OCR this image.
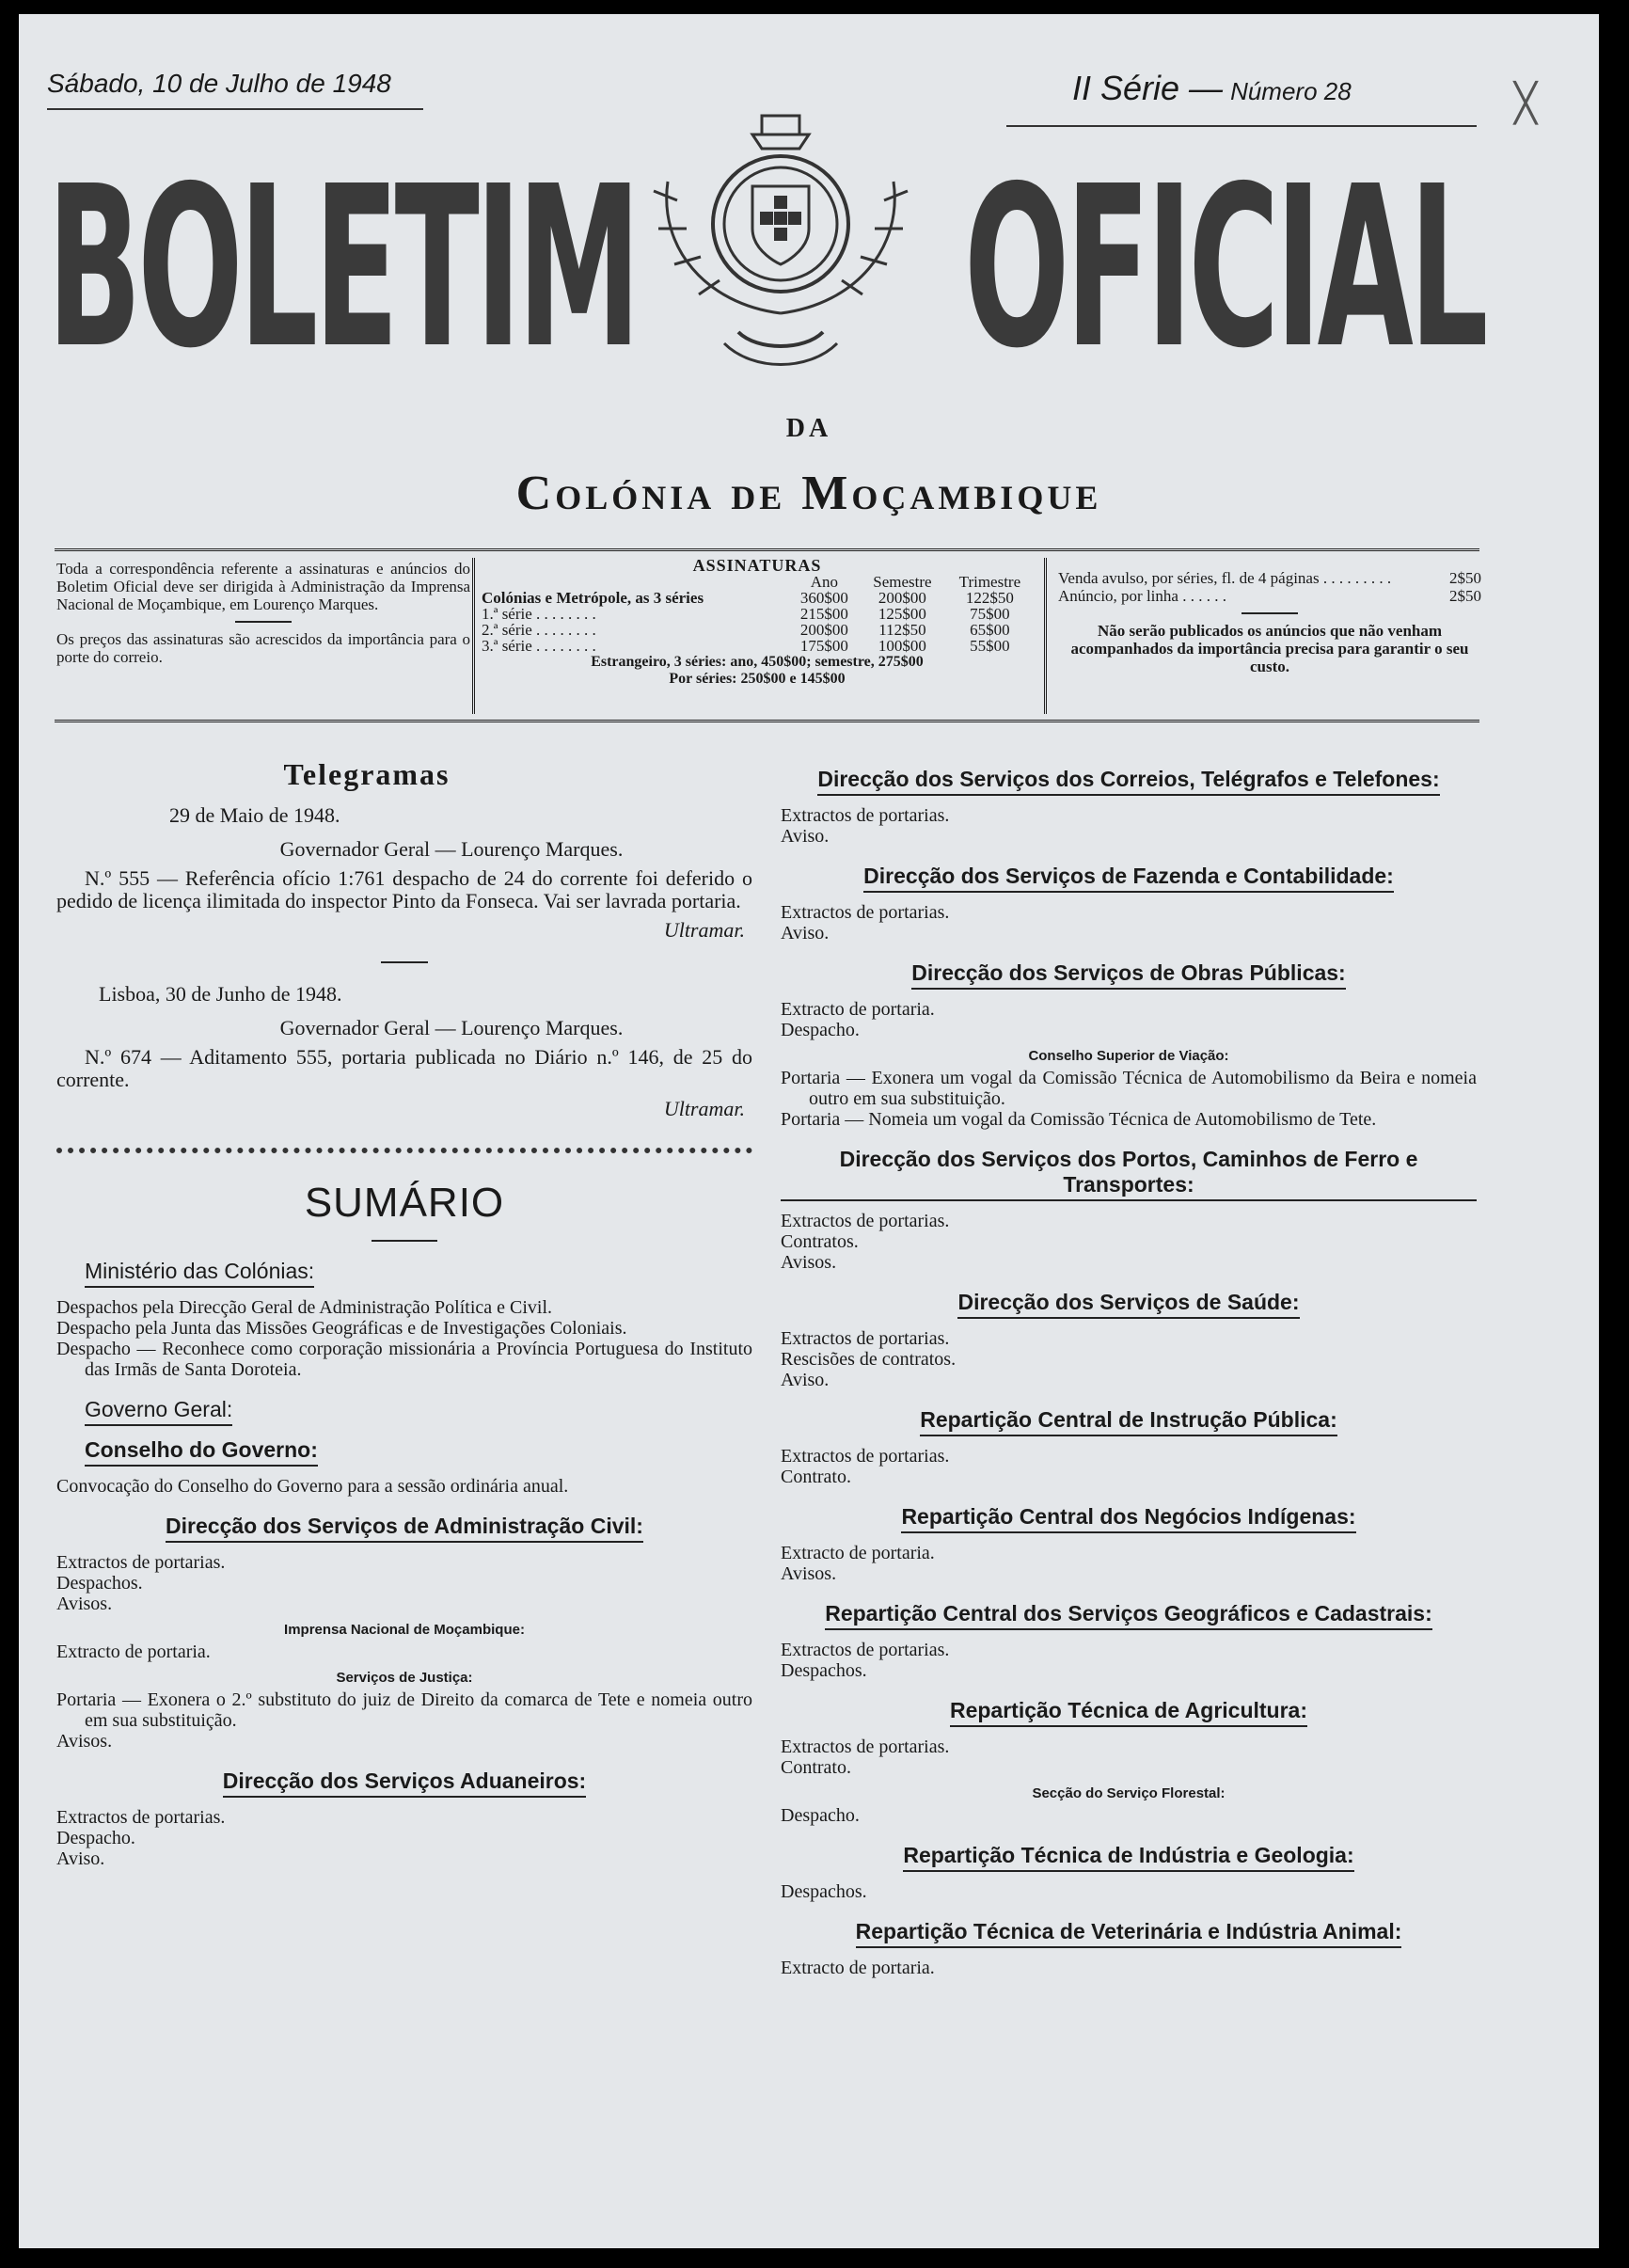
Sábado, 10 de Julho de 1948	II Série — Número 28	╳
BOLETIM OFICIAL
DA
Colónia de Moçambique

Toda a correspondência referente a assinaturas e anúncios do Boletim Oficial deve ser dirigida à Administração da Imprensa Nacional de Moçambique, em Lourenço Marques.

Os preços das assinaturas são acrescidos da importância para o porte do correio.

ASSINATURAS
	Ano	Semestre	Trimestre
Colónias e Metrópole, as 3 séries	360$00	200$00	122$50
1.ª série . . . . . . . .	215$00	125$00	75$00
2.ª série . . . . . . . .	200$00	112$50	65$00
3.ª série . . . . . . . .	175$00	100$00	55$00
Estrangeiro, 3 séries: ano, 450$00; semestre, 275$00
Por séries: 250$00 e 145$00
Venda avulso, por séries, fl. de 4 páginas . . . . . . . . .	2$50
Anúncio, por linha . . . . . .	2$50

Não serão publicados os anúncios que não venham acompanhados da importância precisa para garantir o seu custo.

Telegramas
29 de Maio de 1948.
Governador Geral — Lourenço Marques.
N.º 555 — Referência ofício 1:761 despacho de 24 do corrente foi deferido o pedido de licença ilimitada do inspector Pinto da Fonseca. Vai ser lavrada portaria.
Ultramar.
Lisboa, 30 de Junho de 1948.
Governador Geral — Lourenço Marques.
N.º 674 — Aditamento 555, portaria publicada no Diário n.º 146, de 25 do corrente.
Ultramar.
SUMÁRIO
Ministério das Colónias:
Despachos pela Direcção Geral de Administração Política e Civil.
Despacho pela Junta das Missões Geográficas e de Investigações Coloniais.
Despacho — Reconhece como corporação missionária a Província Portuguesa do Instituto das Irmãs de Santa Doroteia.
Governo Geral:
Conselho do Governo:
Convocação do Conselho do Governo para a sessão ordinária anual.
Direcção dos Serviços de Administração Civil:
Extractos de portarias.
Despachos.
Avisos.
Imprensa Nacional de Moçambique:
Extracto de portaria.
Serviços de Justiça:
Portaria — Exonera o 2.º substituto do juiz de Direito da comarca de Tete e nomeia outro em sua substituição.
Avisos.
Direcção dos Serviços Aduaneiros:
Extractos de portarias.
Despacho.
Aviso.
Direcção dos Serviços dos Correios, Telégrafos e Telefones:
Extractos de portarias.
Aviso.
Direcção dos Serviços de Fazenda e Contabilidade:
Extractos de portarias.
Aviso.
Direcção dos Serviços de Obras Públicas:
Extracto de portaria.
Despacho.
Conselho Superior de Viação:
Portaria — Exonera um vogal da Comissão Técnica de Automobilismo da Beira e nomeia outro em sua substituição.
Portaria — Nomeia um vogal da Comissão Técnica de Automobilismo de Tete.
Direcção dos Serviços dos Portos, Caminhos de Ferro e Transportes:
Extractos de portarias.
Contratos.
Avisos.
Direcção dos Serviços de Saúde:
Extractos de portarias.
Rescisões de contratos.
Aviso.
Repartição Central de Instrução Pública:
Extractos de portarias.
Contrato.
Repartição Central dos Negócios Indígenas:
Extracto de portaria.
Avisos.
Repartição Central dos Serviços Geográficos e Cadastrais:
Extractos de portarias.
Despachos.
Repartição Técnica de Agricultura:
Extractos de portarias.
Contrato.
Secção do Serviço Florestal:
Despacho.
Repartição Técnica de Indústria e Geologia:
Despachos.
Repartição Técnica de Veterinária e Indústria Animal:
Extracto de portaria.
